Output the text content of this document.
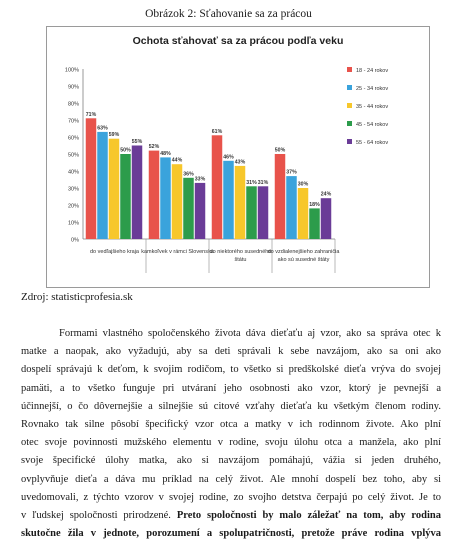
Obrázok 2: Sťahovanie sa za prácou
Ochota sťahovať sa za prácou podľa veku
0%
10%
20%
30%
40%
50%
60%
70%
80%
90%
100%
71%
63%
59%
50%
55%
do vedľajšieho kraja
52%
48%
44%
36%
33%
kamkoľvek v rámci Slovenska
61%
46%
43%
31% 31%
do niektorého susedného
štátu
50%
37%
30%
18%
24%
do vzdialenejšieho zahraničia
ako sú susedné štáty
18 - 24 rokov
25 - 34 rokov
35 - 44 rokov
45 - 54 rokov
55 - 64 rokov
Zdroj: statisticprofesia.sk
Formami vlastného spoločenského života dáva dieťaťu aj vzor, ako sa správa otec k
matke a naopak, ako vyžadujú, aby sa deti správali k sebe navzájom, ako sa oni ako
dospelí správajú k deťom, k svojim rodičom, to všetko si predškolské dieťa vrýva do svojej
pamäti, a to všetko funguje pri utváraní jeho osobnosti ako vzor, ktorý je pevnejší a
účinnejší, o čo dôvernejšie a silnejšie sú citové vzťahy dieťaťa ku všetkým členom rodiny.
Rovnako tak silne pôsobí špecifický vzor otca a matky v ich rodinnom živote. Ako plní
otec svoje povinnosti mužského elementu v rodine, svoju úlohu otca a manžela, ako plní
svoje špecifické úlohy matka, ako si navzájom pomáhajú, vážia si jeden druhého,
ovplyvňuje dieťa a dáva mu príklad na celý život. Ale mnohí dospelí bez toho, aby si
uvedomovali, z týchto vzorov v svojej rodine, zo svojho detstva čerpajú po celý život. Je to
v ľudskej spoločnosti prirodzené. Preto spoločnosti by malo záležať na tom, aby rodina
skutočne žila v jednote, porozumení a spolupatričnosti, pretože práve rodina vplýva
